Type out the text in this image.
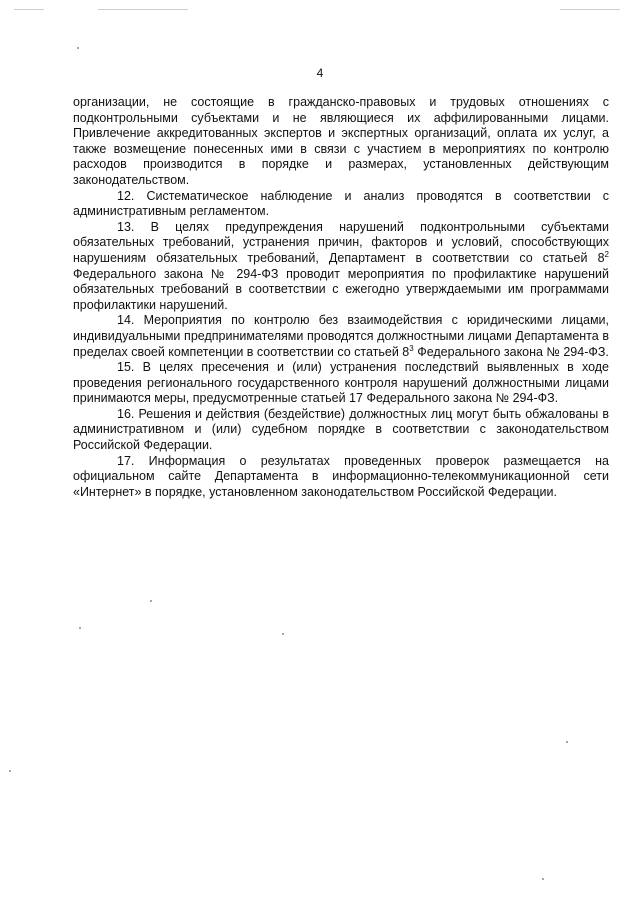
4

организации, не состоящие в гражданско-правовых и трудовых отношениях с подконтрольными субъектами и не являющиеся их аффилированными лицами. Привлечение аккредитованных экспертов и экспертных организаций, оплата их услуг, а также возмещение понесенных ими в связи с участием в мероприятиях по контролю расходов производится в порядке и размерах, установленных действующим законодательством.

12. Систематическое наблюдение и анализ проводятся в соответствии с административным регламентом.

13. В целях предупреждения нарушений подконтрольными субъектами обязательных требований, устранения причин, факторов и условий, способствующих нарушениям обязательных требований, Департамент в соответствии со статьей $8^2$ Федерального закона № 294-ФЗ проводит мероприятия по профилактике нарушений обязательных требований в соответствии с ежегодно утверждаемыми им программами профилактики нарушений.

14. Мероприятия по контролю без взаимодействия с юридическими лицами, индивидуальными предпринимателями проводятся должностными лицами Департамента в пределах своей компетенции в соответствии со статьей $8^3$ Федерального закона № 294-ФЗ.

15. В целях пресечения и (или) устранения последствий выявленных в ходе проведения регионального государственного контроля нарушений должностными лицами принимаются меры, предусмотренные статьей 17 Федерального закона № 294-ФЗ.

16. Решения и действия (бездействие) должностных лиц могут быть обжалованы в административном и (или) судебном порядке в соответствии с законодательством Российской Федерации.

17. Информация о результатах проведенных проверок размещается на официальном сайте Департамента в информационно-телекоммуникационной сети «Интернет» в порядке, установленном законодательством Российской Федерации.
